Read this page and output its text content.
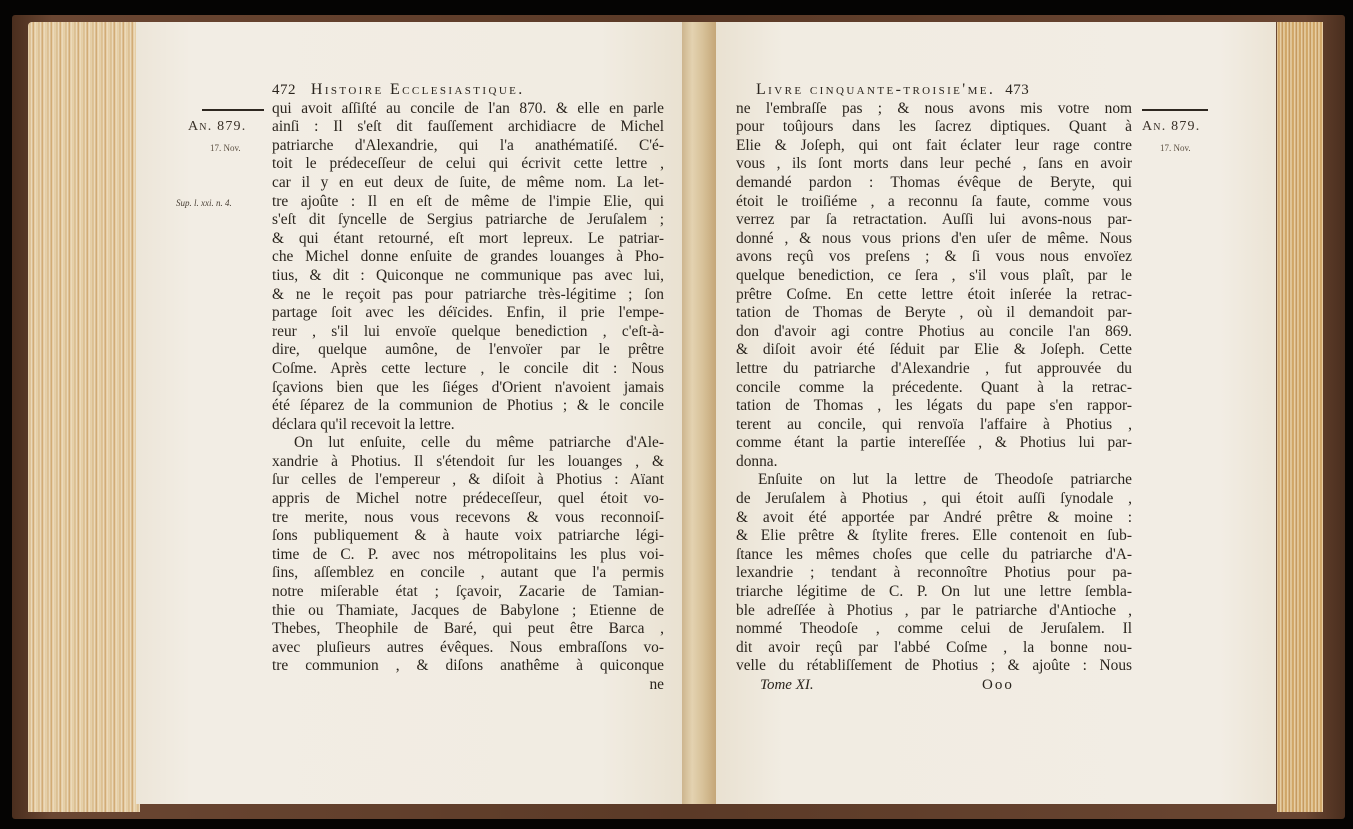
An. 879.
17. Nov.
Sup. l. xxi. n. 4.
472 Histoire Ecclesiastique.
qui avoit aſſiſté au concile de l'an 870. & elle en parle
ainſi : Il s'eſt dit fauſſement archidiacre de Michel
patriarche d'Alexandrie, qui l'a anathématiſé. C'é-
toit le prédeceſſeur de celui qui écrivit cette lettre ,
car il y en eut deux de ſuite, de même nom. La let-
tre ajoûte : Il en eſt de même de l'impie Elie, qui
s'eſt dit ſyncelle de Sergius patriarche de Jeruſalem ;
& qui étant retourné, eſt mort lepreux. Le patriar-
che Michel donne enſuite de grandes louanges à Pho-
tius, & dit : Quiconque ne communique pas avec lui,
& ne le reçoit pas pour patriarche très-légitime ; ſon
partage ſoit avec les déïcides. Enfin, il prie l'empe-
reur , s'il lui envoïe quelque benediction , c'eſt-à-
dire, quelque aumône, de l'envoïer par le prêtre
Coſme. Après cette lecture , le concile dit : Nous
ſçavions bien que les ſiéges d'Orient n'avoient jamais
été ſéparez de la communion de Photius ; & le concile
déclara qu'il recevoit la lettre.
On lut enſuite, celle du même patriarche d'Ale-
xandrie à Photius. Il s'étendoit ſur les louanges , &
ſur celles de l'empereur , & diſoit à Photius : Aïant
appris de Michel notre prédeceſſeur, quel étoit vo-
tre merite, nous vous recevons & vous reconnoiſ-
ſons publiquement & à haute voix patriarche légi-
time de C. P. avec nos métropolitains les plus voi-
ſins, aſſemblez en concile , autant que l'a permis
notre miſerable état ; ſçavoir, Zacarie de Tamian-
thie ou Thamiate, Jacques de Babylone ; Etienne de
Thebes, Theophile de Baré, qui peut être Barca ,
avec pluſieurs autres évêques. Nous embraſſons vo-
tre communion , & diſons anathême à quiconque
ne
Livre cinquante-troisie'me. 473
ne l'embraſſe pas ; & nous avons mis votre nom
pour toûjours dans les ſacrez diptiques. Quant à
Elie & Joſeph, qui ont fait éclater leur rage contre
vous , ils ſont morts dans leur peché , ſans en avoir
demandé pardon : Thomas évêque de Beryte, qui
étoit le troiſiéme , a reconnu ſa faute, comme vous
verrez par ſa retractation. Auſſi lui avons-nous par-
donné , & nous vous prions d'en uſer de même. Nous
avons reçû vos preſens ; & ſi vous nous envoïez
quelque benediction, ce ſera , s'il vous plaît, par le
prêtre Coſme. En cette lettre étoit inſerée la retrac-
tation de Thomas de Beryte , où il demandoit par-
don d'avoir agi contre Photius au concile l'an 869.
& diſoit avoir été ſéduit par Elie & Joſeph. Cette
lettre du patriarche d'Alexandrie , fut approuvée du
concile comme la précedente. Quant à la retrac-
tation de Thomas , les légats du pape s'en rappor-
terent au concile, qui renvoïa l'affaire à Photius ,
comme étant la partie intereſſée , & Photius lui par-
donna.
Enſuite on lut la lettre de Theodoſe patriarche
de Jeruſalem à Photius , qui étoit auſſi ſynodale ,
& avoit été apportée par André prêtre & moine :
& Elie prêtre & ſtylite freres. Elle contenoit en ſub-
ſtance les mêmes choſes que celle du patriarche d'A-
lexandrie ; tendant à reconnoître Photius pour pa-
triarche légitime de C. P. On lut une lettre ſembla-
ble adreſſée à Photius , par le patriarche d'Antioche ,
nommé Theodoſe , comme celui de Jeruſalem. Il
dit avoir reçû par l'abbé Coſme , la bonne nou-
velle du rétabliſſement de Photius ; & ajoûte : Nous
Tome XI.	Ooo
An. 879.
17. Nov.
